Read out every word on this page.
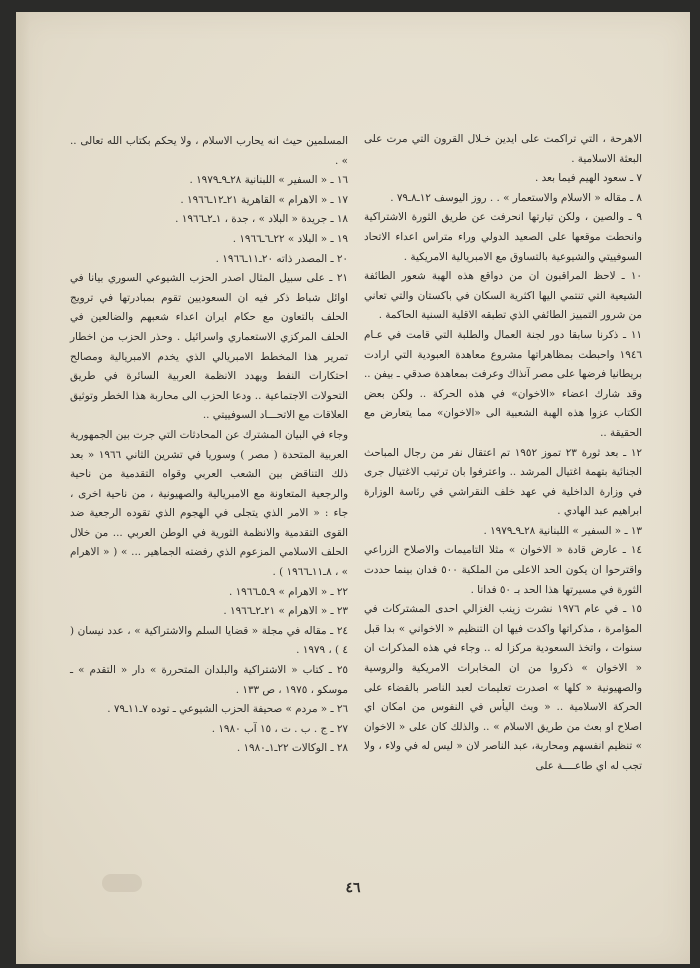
الاهرحة ، التي تراكمت على ايدين خـلال القرون التي مرت على البعثة الاسلامية .

٧ ـ سعود الهيم فيما بعد .

٨ ـ مقاله « الاسلام والاستعمار » . . روز اليوسف ١٢ـ٨ـ٧٩ .

٩ ـ والصين ، ولكن تيارتها انحرفت عن طريق الثورة الاشتراكية وانحطت موقعها على الصعيد الدولي وراء متراس اعداء الاتحاد السوفييتي والشيوعية بالتساوق مع الامبريالية الامريكية .

١٠ ـ لاحظ المراقبون ان من دواقع هذه الهبة شعور الطائفة الشيعية التي تنتمي اليها اكثرية السكان في باكستان والتي تعاني من شرور التمييز الطائفي الذي تطبقه الاقلية السنية الحاكمة .

١١ ـ ذكرنا سابقا دور لجنة العمال والطلبة التي قامت في عـام ١٩٤٦ واحبطت بمظاهراتها مشروع معاهدة العبودية التي ارادت بريطانيا فرضها على مصر آنذاك وعرفت بمعاهدة صدقي ـ بيفن .. وقد شارك اعضاء «الاخوان» في هذه الحركة .. ولكن بعض الكتاب عزوا هذه الهبة الشعبية الى «الاخوان» مما يتعارض مع الحقيقة ..

١٢ ـ بعد ثورة ٢٣ تموز ١٩٥٢ تم اعتقال نفر من رجال المباحث الجنائية بتهمة اغتيال المرشد .. واعترفوا بان ترتيب الاغتيال جرى في وزارة الداخلية في عهد خلف النقراشي في رئاسة الوزارة ابراهيم عبد الهادي .

١٣ ـ « السفير » اللبنانية ٢٨ـ٩ـ١٩٧٩ .

١٤ ـ عارض قادة « الاخوان » مثلا التاميمات والاصلاح الزراعي واقترحوا ان يكون الحد الاعلى من الملكية ٥٠٠ فدان بينما حددت الثورة في مسيرتها هذا الحد بـ ٥٠ فدانا .

١٥ ـ في عام ١٩٧٦ نشرت زينب الغزالي احدى المشتركات في المؤامرة ، مذكراتها واكدت فيها ان التنظيم « الاخواني » بدا قبل سنوات ، واتخذ السعودية مركزا له .. وجاء في هذه المذكرات ان « الاخوان » ذكروا من ان المخابرات الامريكية والروسية والصهيونية « كلها » اصدرت تعليمات لعبد الناصر بالقضاء على الحركة الاسلامية .. « وبث اليأس في النفوس من امكان اي اصلاح او بعث من طريق الاسلام » .. والذلك كان على « الاخوان » تنظيم انفسهم ومحاربة، عبد الناصر لان « ليس له في ولاء ، ولا تجب له اي طاعــــة على

المسلمين حيث انه يحارب الاسلام ، ولا يحكم بكتاب الله تعالى .. » .

١٦ ـ « السفير » اللبنانية ٢٨ـ٩ـ١٩٧٩ .

١٧ ـ « الاهرام » القاهرية ٢١ـ١٢ـ١٩٦٦ .

١٨ ـ جريدة « البلاد » ، جدة ، ١ـ٢ـ١٩٦٦ .

١٩ ـ « البلاد » ٢٢ـ٦ـ١٩٦٦ .

٢٠ ـ المصدر ذاته ٢٠ـ١١ـ١٩٦٦ .

٢١ ـ على سبيل المثال اصدر الحزب الشيوعي السوري بيانا في اوائل شباط ذكر فيه ان السعوديين تقوم بمبادرتها في ترويج الحلف بالتعاون مع حكام ايران اعداء شعبهم والضالعين في الحلف المركزي الاستعماري واسرائيل . وحذر الحزب من اخطار تمرير هذا المخطط الامبريالي الذي يخدم الامبريالية ومصالح احتكارات النفط ويهدد الانظمة العربية السائرة في طريق التحولات الاجتماعية .. ودعا الحزب الى محاربة هذا الخطر وتوثيق العلاقات مع الاتحـــاد السوفييتي ..

وجاء في البيان المشترك عن المحادثات التي جرت بين الجمهورية العربية المتحدة ( مصر ) وسوريا في تشرين الثاني ١٩٦٦ « بعد ذلك التناقض بين الشعب العربي وقواه التقدمية من ناحية والرجعية المتعاونة مع الامبريالية والصهيونية ، من ناحية اخرى ، جاء : « الامر الذي يتجلى في الهجوم الذي تقوده الرجعية ضد القوى التقدمية والانظمة الثورية في الوطن العربي ... من خلال الحلف الاسلامي المزعوم الذي رفضته الجماهير ... » ( « الاهرام » ، ٨ـ١١ـ١٩٦٦ ) .

٢٢ ـ « الاهرام » ٩ـ٥ـ١٩٦٦ .

٢٣ ـ « الاهرام » ٢١ـ٢ـ١٩٦٦ .

٢٤ ـ مقاله في مجلة « قضايا السلم والاشتراكية » ، عدد نيسان ( ٤ ) ، ١٩٧٩ .

٢٥ ـ كتاب « الاشتراكية والبلدان المتحررة » دار « التقدم » ـ موسكو ، ١٩٧٥ ، ص ١٣٣ .

٢٦ ـ « مردم » صحيفة الحزب الشيوعي ـ توده ٧ـ١١ـ٧٩ .

٢٧ ـ ج . ب . ت ، ١٥ آب ١٩٨٠ .

٢٨ ـ الوكالات ٢٢ـ١ـ١٩٨٠ .

٤٦
